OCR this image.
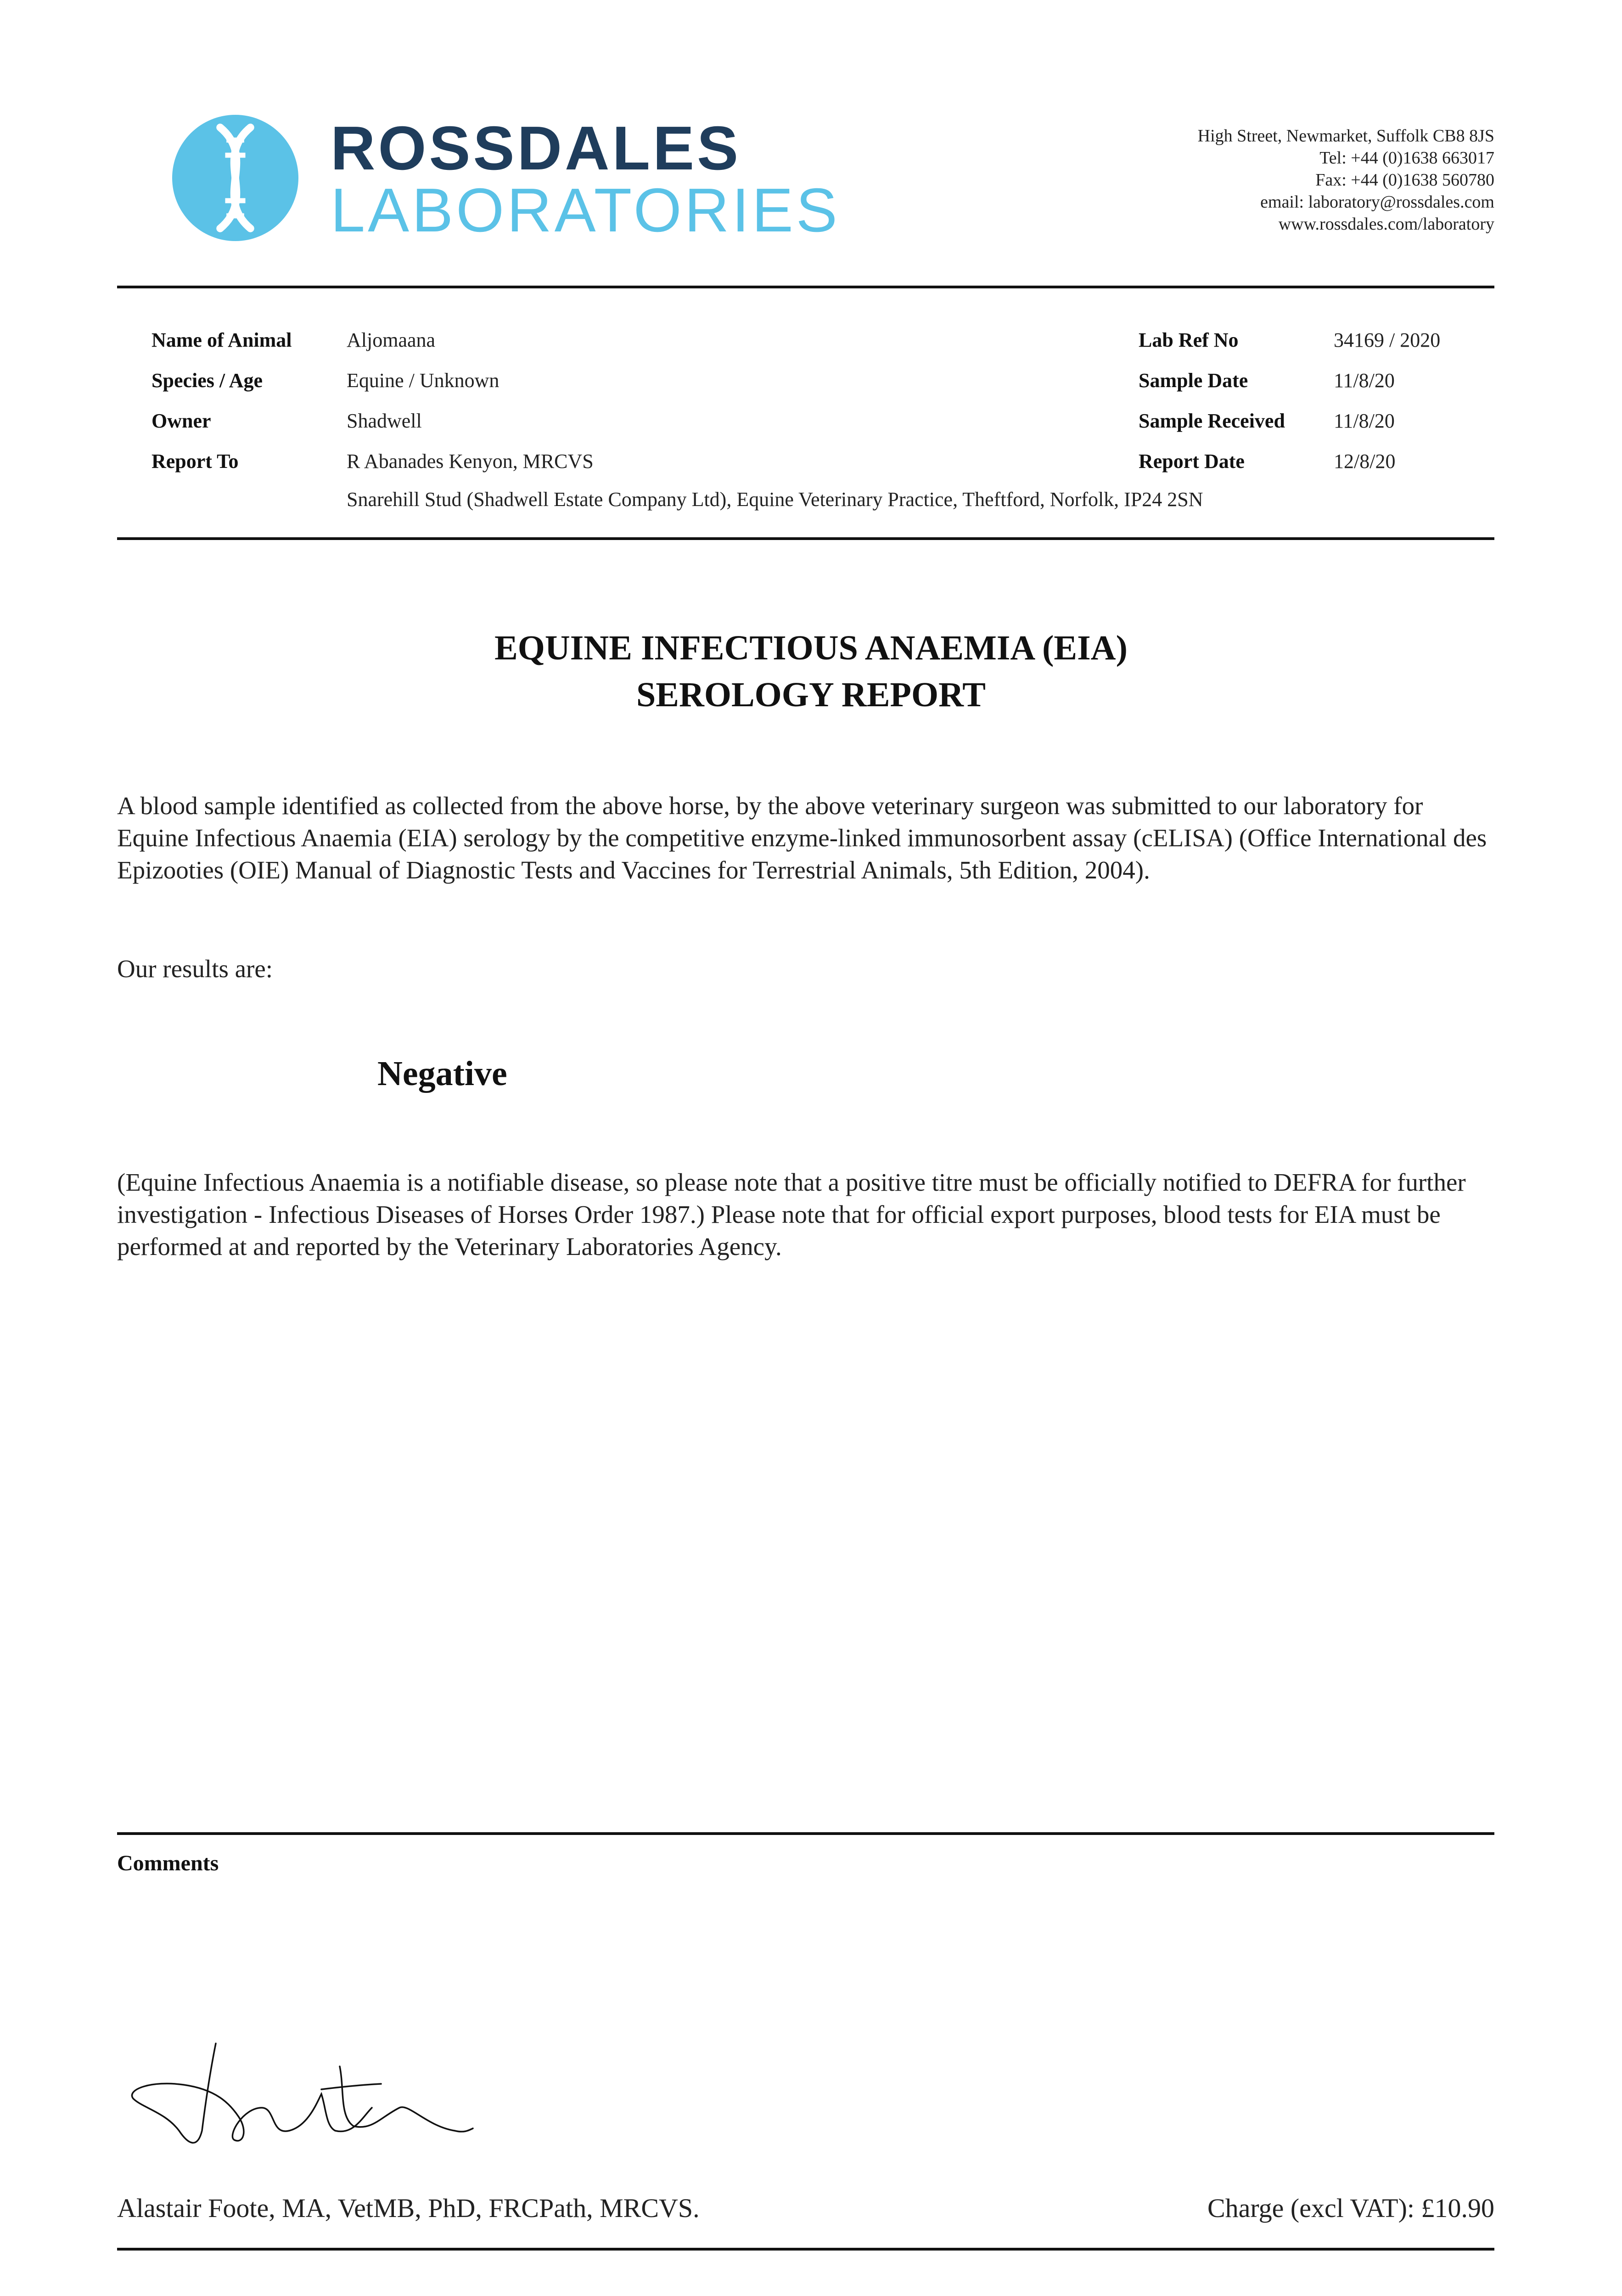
ROSSDALES
LABORATORIES
High Street, Newmarket, Suffolk CB8 8JS
Tel: +44 (0)1638 663017
Fax: +44 (0)1638 560780
email: laboratory@rossdales.com
www.rossdales.com/laboratory
Name of Animal	Aljomaana
Species / Age	Equine / Unknown
Owner	Shadwell
Report To	R Abanades Kenyon, MRCVS
Snarehill Stud (Shadwell Estate Company Ltd), Equine Veterinary Practice, Theftford, Norfolk, IP24 2SN
Lab Ref No	34169 / 2020
Sample Date	11/8/20
Sample Received 11/8/20
Report Date	12/8/20
EQUINE INFECTIOUS ANAEMIA (EIA)
SEROLOGY REPORT
A blood sample identified as collected from the above horse, by the above veterinary surgeon was submitted to our laboratory for Equine Infectious Anaemia (EIA) serology by the competitive enzyme-linked immunosorbent assay (cELISA) (Office International des Epizooties (OIE) Manual of Diagnostic Tests and Vaccines for Terrestrial Animals, 5th Edition, 2004).
Our results are:
Negative
(Equine Infectious Anaemia is a notifiable disease, so please note that a positive titre must be officially notified to DEFRA for further investigation - Infectious Diseases of Horses Order 1987.) Please note that for official export purposes, blood tests for EIA must be performed at and reported by the Veterinary Laboratories Agency.
Comments
Alastair Foote, MA, VetMB, PhD, FRCPath, MRCVS.	Charge (excl VAT): £10.90
